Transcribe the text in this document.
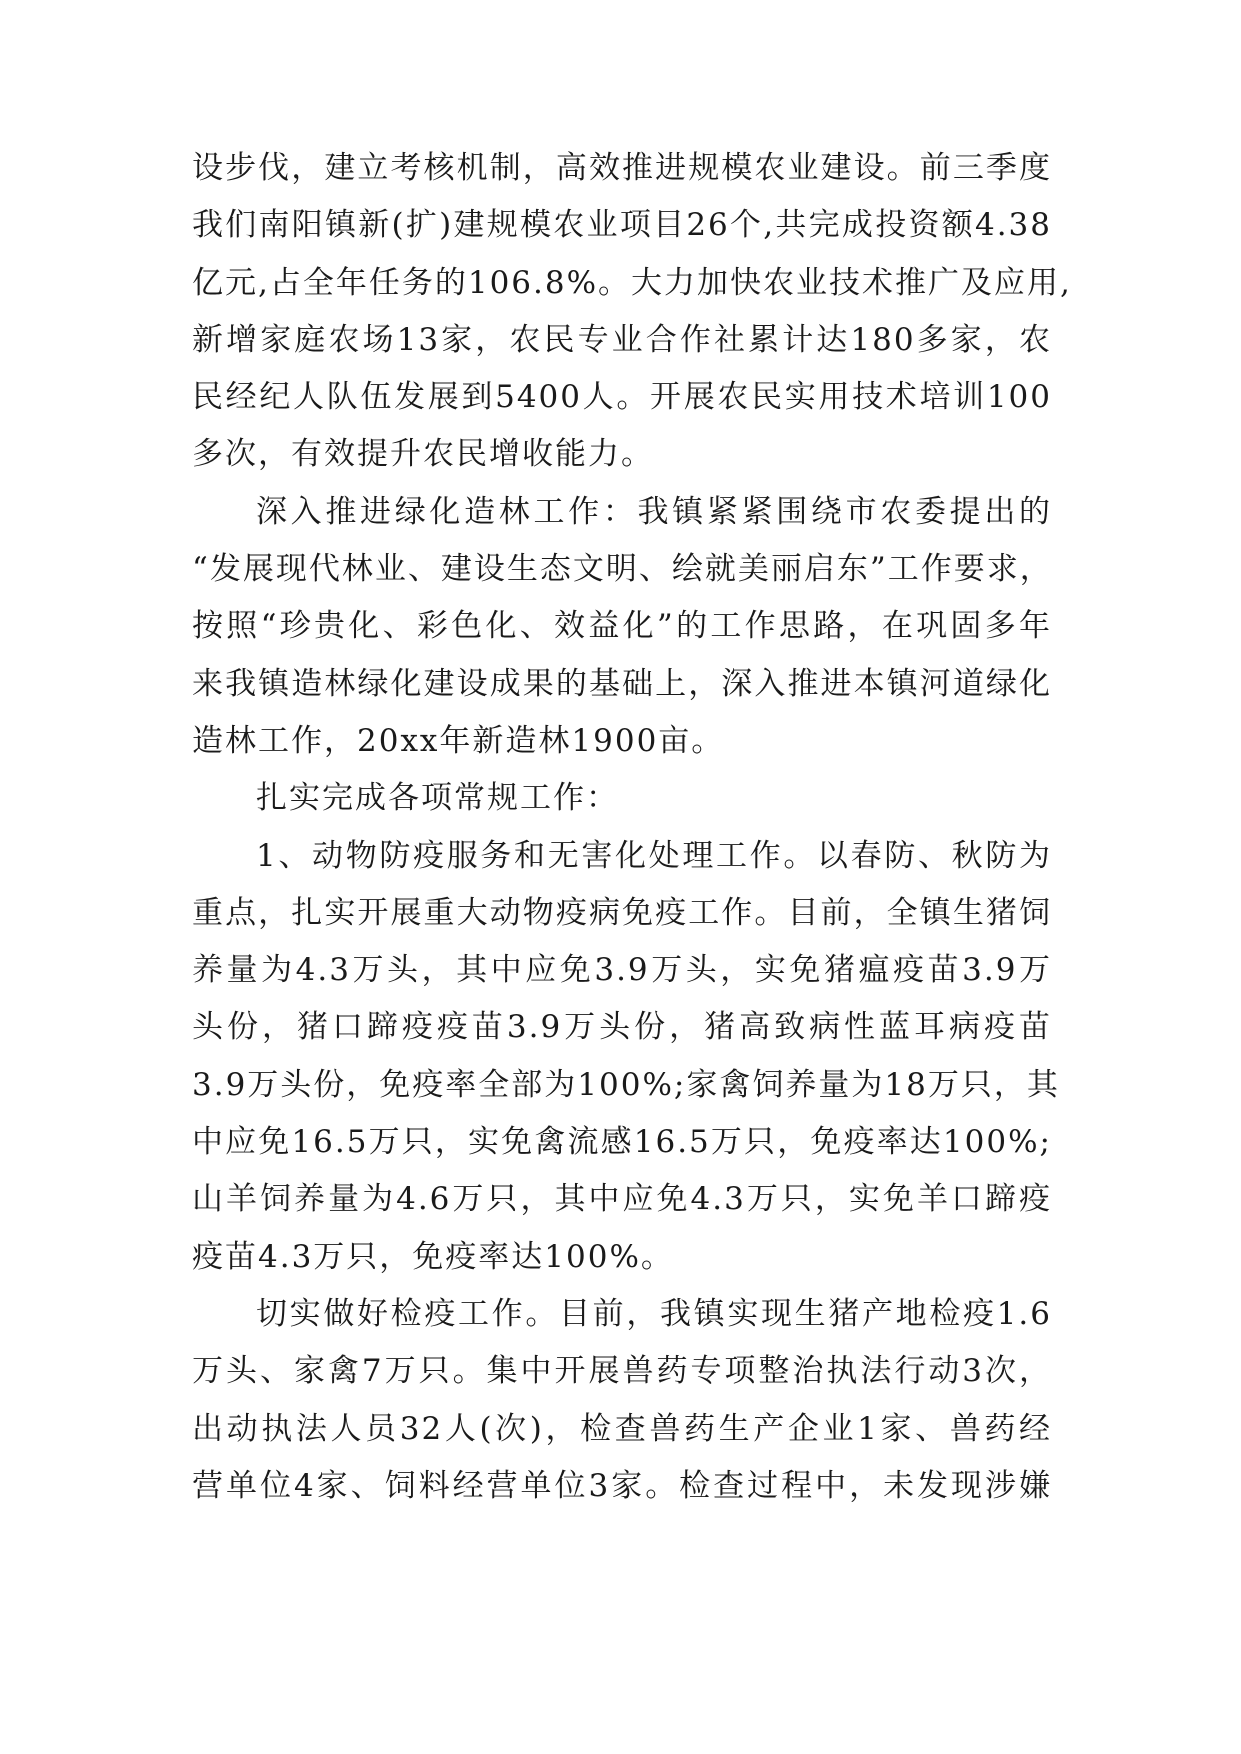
设步伐，建立考核机制，高效推进规模农业建设。前三季度
我们南阳镇新(扩)建规模农业项目26个,共完成投资额4.38
亿元,占全年任务的106.8%。大力加快农业技术推广及应用,
新增家庭农场13家，农民专业合作社累计达180多家，农
民经纪人队伍发展到5400人。开展农民实用技术培训100
多次，有效提升农民增收能力。
深入推进绿化造林工作：我镇紧紧围绕市农委提出的
“发展现代林业、建设生态文明、绘就美丽启东”工作要求，
按照“珍贵化、彩色化、效益化”的工作思路，在巩固多年
来我镇造林绿化建设成果的基础上，深入推进本镇河道绿化
造林工作，20xx年新造林1900亩。
扎实完成各项常规工作：
1、动物防疫服务和无害化处理工作。以春防、秋防为
重点，扎实开展重大动物疫病免疫工作。目前，全镇生猪饲
养量为4.3万头，其中应免3.9万头，实免猪瘟疫苗3.9万
头份，猪口蹄疫疫苗3.9万头份，猪高致病性蓝耳病疫苗
3.9万头份，免疫率全部为100%;家禽饲养量为18万只，其
中应免16.5万只，实免禽流感16.5万只，免疫率达100%;
山羊饲养量为4.6万只，其中应免4.3万只，实免羊口蹄疫
疫苗4.3万只，免疫率达100%。
切实做好检疫工作。目前，我镇实现生猪产地检疫1.6
万头、家禽7万只。集中开展兽药专项整治执法行动3次，
出动执法人员32人(次)，检查兽药生产企业1家、兽药经
营单位4家、饲料经营单位3家。检查过程中，未发现涉嫌
